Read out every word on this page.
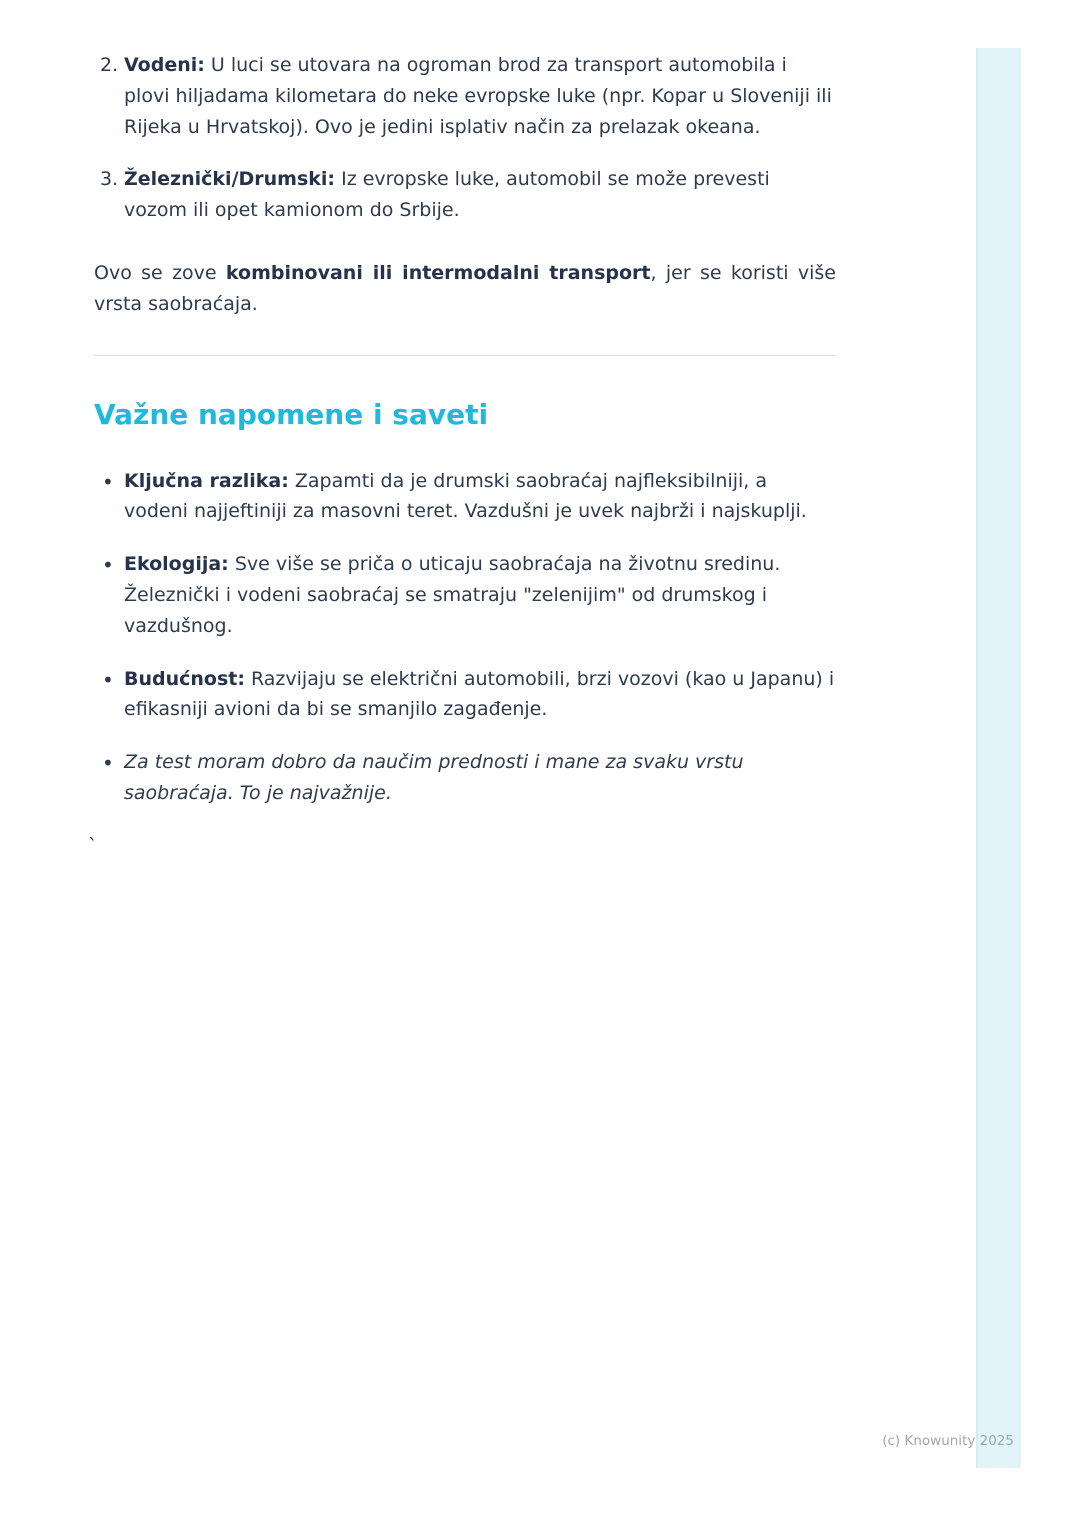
2. Vodeni: U luci se utovara na ogroman brod za transport automobila i plovi hiljadama kilometara do neke evropske luke (npr. Kopar u Sloveniji ili Rijeka u Hrvatskoj). Ovo je jedini isplativ način za prelazak okeana.

3. Železnički/Drumski: Iz evropske luke, automobil se može prevesti vozom ili opet kamionom do Srbije.

Ovo se zove kombinovani ili intermodalni transport, jer se koristi više vrsta saobraćaja.

Važne napomene i saveti
• Ključna razlika: Zapamti da je drumski saobraćaj najfleksibilniji, a vodeni najjeftiniji za masovni teret. Vazdušni je uvek najbrži i najskuplji.

• Ekologija: Sve više se priča o uticaju saobraćaja na životnu sredinu. Železnički i vodeni saobraćaj se smatraju "zelenijim" od drumskog i vazdušnog.

• Budućnost: Razvijaju se električni automobili, brzi vozovi (kao u Japanu) i efikasniji avioni da bi se smanjilo zagađenje.

• Za test moram dobro da naučim prednosti i mane za svaku vrstu saobraćaja. To je najvažnije.

`
(c) Knowunity 2025
